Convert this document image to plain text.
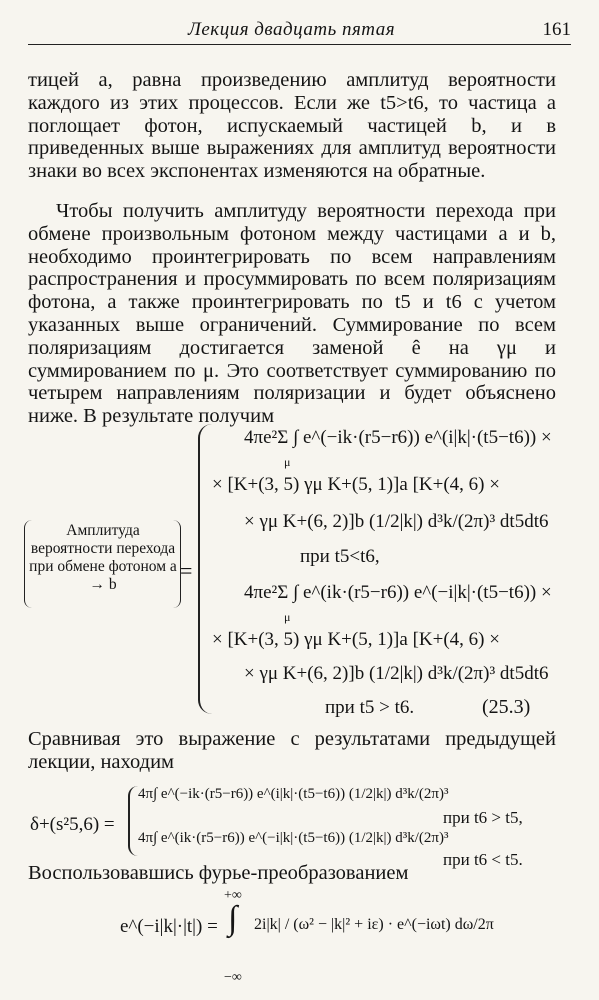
Лекция двадцать пятая	161
тицей a, равна произведению амплитуд вероятности каждого из этих процессов. Если же t5>t6, то частица a поглощает фотон, испускаемый частицей b, и в приведенных выше выражениях для амплитуд вероятности знаки во всех экспонентах изменяются на обратные.
Чтобы получить амплитуду вероятности перехода при обмене произвольным фотоном между частицами a и b, необходимо проинтегрировать по всем направлениям распространения и просуммировать по всем поляризациям фотона, а также проинтегрировать по t5 и t6 с учетом указанных выше ограничений. Суммирование по всем поляризациям достигается заменой ê на γμ и суммированием по μ. Это соответствует суммированию по четырем направлениям поляризации и будет объяснено ниже. В результате получим
Амплитуда вероятности перехода при обмене фотоном a → b
=
4πe²Σ ∫ e^(−ik·(r5−r6)) e^(i|k|·(t5−t6)) ×
μ
× [K+(3, 5) γμ K+(5, 1)]a [K+(4, 6) ×
× γμ K+(6, 2)]b (1/2|k|) d³k/(2π)³ dt5dt6
при t5<t6,
4πe²Σ ∫ e^(ik·(r5−r6)) e^(−i|k|·(t5−t6)) ×
μ
× [K+(3, 5) γμ K+(5, 1)]a [K+(4, 6) ×
× γμ K+(6, 2)]b (1/2|k|) d³k/(2π)³ dt5dt6
при t5 > t6.	(25.3)
Сравнивая это выражение с результатами предыдущей лекции, находим
δ+(s²5,6) =
4π∫ e^(−ik·(r5−r6)) e^(i|k|·(t5−t6)) (1/2|k|) d³k/(2π)³
при t6 > t5,
4π∫ e^(ik·(r5−r6)) e^(−i|k|·(t5−t6)) (1/2|k|) d³k/(2π)³
при t6 < t5.
Воспользовавшись фурье-преобразованием
e^(−i|k|·|t|) =
+∞
∫
−∞
2i|k| / (ω² − |k|² + iε) · e^(−iωt) dω/2π
